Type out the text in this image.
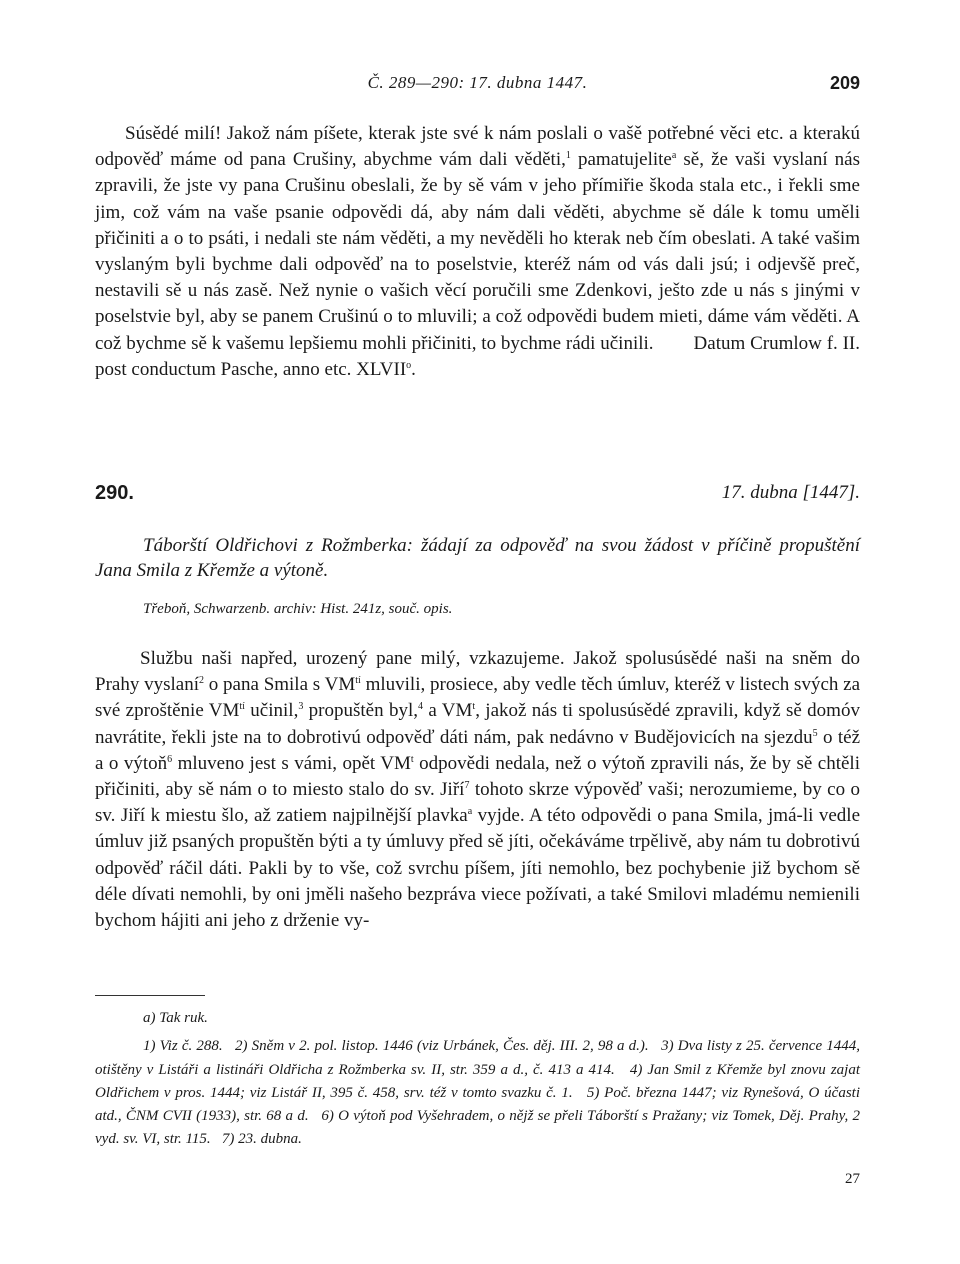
Č. 289—290: 17. dubna 1447.	209

Súsědé milí! Jakož nám píšete, kterak jste své k nám poslali o vašě potřebné věci etc. a kterakú odpověď máme od pana Crušiny, abychme vám dali věděti,$^1$ pamatujelite$^a$ sě, že vaši vyslaní nás zpravili, že jste vy pana Crušinu obeslali, že by sě vám v jeho přímiřie škoda stala etc., i řekli sme jim, což vám na vaše psanie odpovědi dá, aby nám dali věděti, abychme sě dále k tomu uměli přičiniti a o to psáti, i nedali ste nám věděti, a my nevěděli ho kterak neb čím obeslati. A také vašim vyslaným byli bychme dali odpověď na to poselstvie, kteréž nám od vás dali jsú; i odjevšě preč, nestavili sě u nás zasě. Než nynie o vašich věcí poručili sme Zdenkovi, ješto zde u nás s jinými v poselstvie byl, aby se panem Crušinú o to mluvili; a což odpovědi budem mieti, dáme vám věděti. A což bychme sě k vašemu lepšiemu mohli přičiniti, to bychme rádi učinili. Datum Crumlow f. II. post conductum Pasche, anno etc. XLVII$^o$.

290.	17. dubna [1447].

Táborští Oldřichovi z Rožmberka: žádají za odpověď na svou žádost v příčině propuštění Jana Smila z Křemže a výtoně.

Třeboň, Schwarzenb. archiv: Hist. 241z, souč. opis.

Službu naši napřed, urozený pane milý, vzkazujeme. Jakož spolusúsědé naši na sněm do Prahy vyslaní$^2$ o pana Smila s $VM^{tí}$ mluvili, prosiece, aby vedle těch úmluv, kteréž v listech svých za své zproštěnie $VM^{tí}$ učinil,$^3$ propuštěn byl,$^4$ a $VM^t$, jakož nás ti spolusúsědé zpravili, když sě domóv navrátite, řekli jste na to dobrotivú odpověď dáti nám, pak nedávno v Budějovicích na sjezdu$^5$ o též a o výtoň$^6$ mluveno jest s vámi, opět $VM^t$ odpovědi nedala, než o výtoň zpravili nás, že by sě chtěli přičiniti, aby sě nám o to miesto stalo do sv. Jiří$^7$ tohoto skrze výpověď vaši; nerozumieme, by co o sv. Jiří k miestu šlo, až zatiem najpilnější plavka$^a$ vyjde. A této odpovědi o pana Smila, jmá-li vedle úmluv již psaných propuštěn býti a ty úmluvy před sě jíti, očekáváme trpělivě, aby nám tu dobrotivú odpověď ráčil dáti. Pakli by to vše, což svrchu píšem, jíti nemohlo, bez pochybenie již bychom sě déle dívati nemohli, by oni jměli našeho bezpráva viece požívati, a také Smilovi mladému nemienili bychom hájiti ani jeho z drženie vy-

a) Tak ruk.

1) Viz č. 288. 2) Sněm v 2. pol. listop. 1446 (viz Urbánek, Čes. děj. III. 2, 98 a d.). 3) Dva listy z 25. července 1444, otištěny v Listáři a listináři Oldřicha z Rožmberka sv. II, str. 359 a d., č. 413 a 414. 4) Jan Smil z Křemže byl znovu zajat Oldřichem v pros. 1444; viz Listář II, 395 č. 458, srv. též v tomto svazku č. 1. 5) Poč. března 1447; viz Rynešová, O účasti atd., ČNM CVII (1933), str. 68 a d. 6) O výtoň pod Vyšehradem, o nějž se přeli Táborští s Pražany; viz Tomek, Děj. Prahy, 2 vyd. sv. VI, str. 115. 7) 23. dubna.

27
